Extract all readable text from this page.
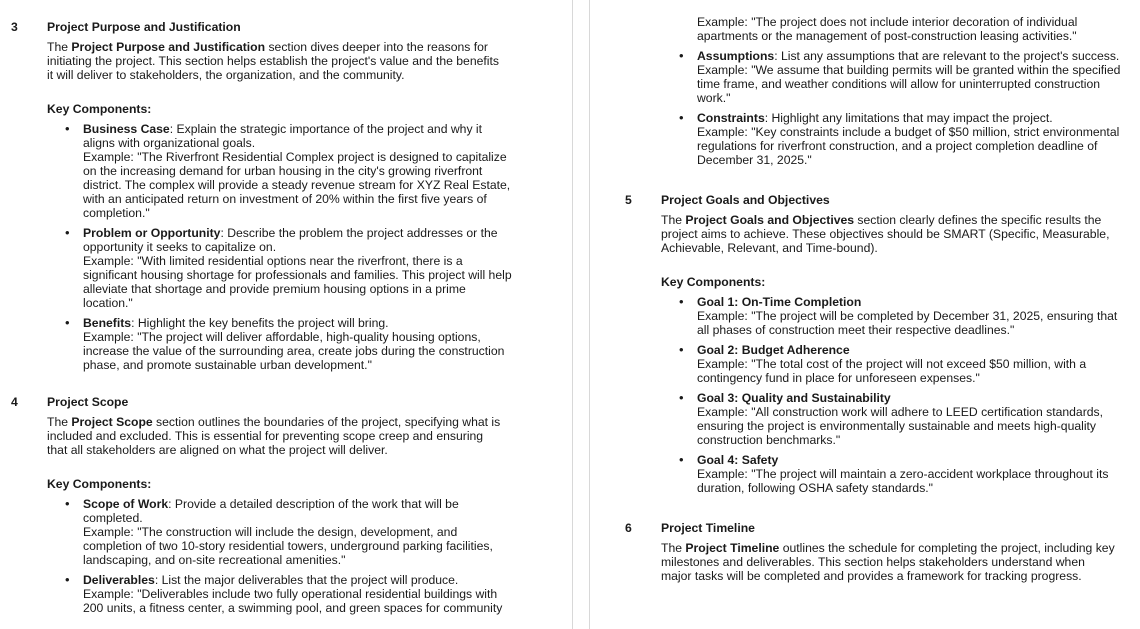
3 Project Purpose and Justification

The Project Purpose and Justification section dives deeper into the reasons for initiating the project. This section helps establish the project's value and the benefits it will deliver to stakeholders, the organization, and the community.

Key Components:

• Business Case: Explain the strategic importance of the project and why it aligns with organizational goals.
Example: "The Riverfront Residential Complex project is designed to capitalize on the increasing demand for urban housing in the city's growing riverfront district. The complex will provide a steady revenue stream for XYZ Real Estate, with an anticipated return on investment of 20% within the first five years of completion."
• Problem or Opportunity: Describe the problem the project addresses or the opportunity it seeks to capitalize on.
Example: "With limited residential options near the riverfront, there is a significant housing shortage for professionals and families. This project will help alleviate that shortage and provide premium housing options in a prime location."
• Benefits: Highlight the key benefits the project will bring.
Example: "The project will deliver affordable, high-quality housing options, increase the value of the surrounding area, create jobs during the construction phase, and promote sustainable urban development."
4 Project Scope

The Project Scope section outlines the boundaries of the project, specifying what is included and excluded. This is essential for preventing scope creep and ensuring that all stakeholders are aligned on what the project will deliver.

Key Components:

• Scope of Work: Provide a detailed description of the work that will be completed.
Example: "The construction will include the design, development, and completion of two 10-story residential towers, underground parking facilities, landscaping, and on-site recreational amenities."
• Deliverables: List the major deliverables that the project will produce.
Example: "Deliverables include two fully operational residential buildings with 200 units, a fitness center, a swimming pool, and green spaces for community
Example: "The project does not include interior decoration of individual apartments or the management of post-construction leasing activities."
• Assumptions: List any assumptions that are relevant to the project's success.
Example: "We assume that building permits will be granted within the specified time frame, and weather conditions will allow for uninterrupted construction work."
• Constraints: Highlight any limitations that may impact the project.
Example: "Key constraints include a budget of $50 million, strict environmental regulations for riverfront construction, and a project completion deadline of December 31, 2025."
5 Project Goals and Objectives

The Project Goals and Objectives section clearly defines the specific results the project aims to achieve. These objectives should be SMART (Specific, Measurable, Achievable, Relevant, and Time-bound).

Key Components:

• Goal 1: On-Time Completion
Example: "The project will be completed by December 31, 2025, ensuring that all phases of construction meet their respective deadlines."
• Goal 2: Budget Adherence
Example: "The total cost of the project will not exceed $50 million, with a contingency fund in place for unforeseen expenses."
• Goal 3: Quality and Sustainability
Example: "All construction work will adhere to LEED certification standards, ensuring the project is environmentally sustainable and meets high-quality construction benchmarks."
• Goal 4: Safety
Example: "The project will maintain a zero-accident workplace throughout its duration, following OSHA safety standards."
6 Project Timeline

The Project Timeline outlines the schedule for completing the project, including key milestones and deliverables. This section helps stakeholders understand when major tasks will be completed and provides a framework for tracking progress.
